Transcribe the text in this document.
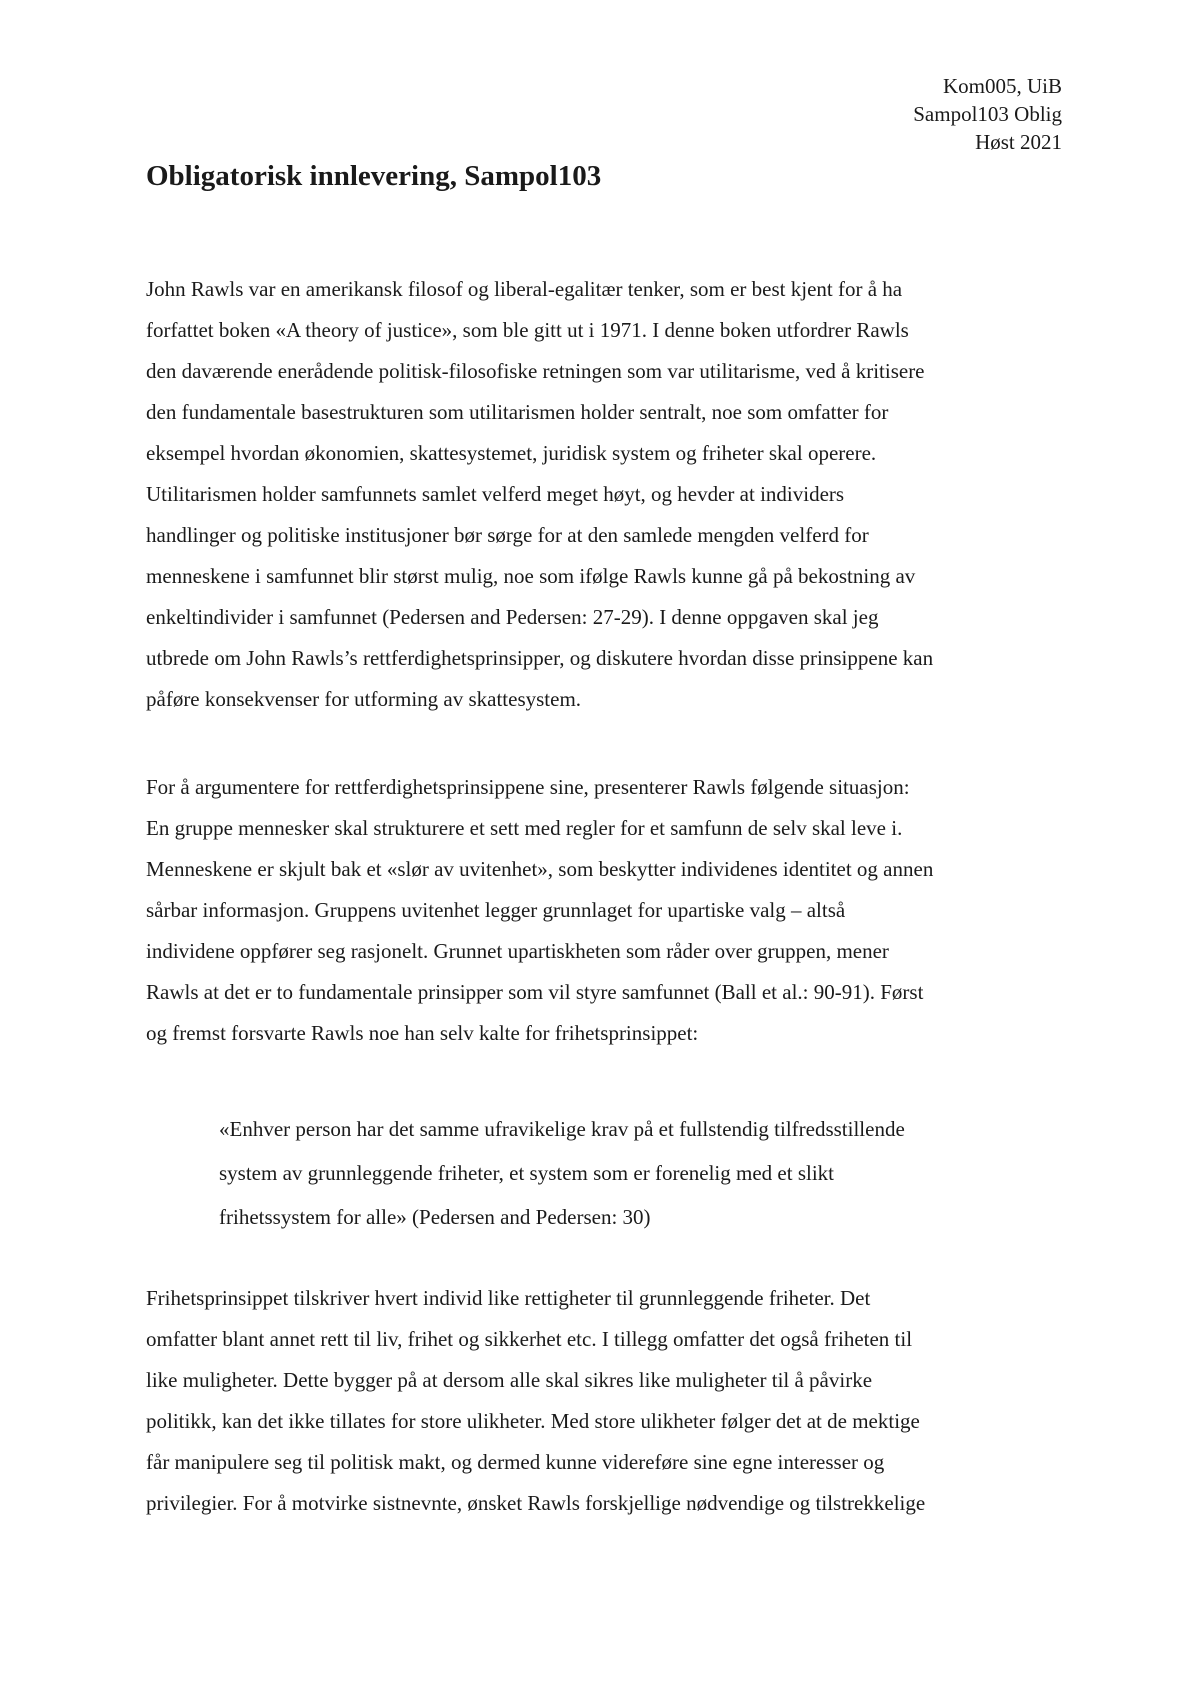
Kom005, UiB
Sampol103 Oblig
Høst 2021
Obligatorisk innlevering, Sampol103
John Rawls var en amerikansk filosof og liberal-egalitær tenker, som er best kjent for å ha
forfattet boken «A theory of justice», som ble gitt ut i 1971. I denne boken utfordrer Rawls
den daværende enerådende politisk-filosofiske retningen som var utilitarisme, ved å kritisere
den fundamentale basestrukturen som utilitarismen holder sentralt, noe som omfatter for
eksempel hvordan økonomien, skattesystemet, juridisk system og friheter skal operere.
Utilitarismen holder samfunnets samlet velferd meget høyt, og hevder at individers
handlinger og politiske institusjoner bør sørge for at den samlede mengden velferd for
menneskene i samfunnet blir størst mulig, noe som ifølge Rawls kunne gå på bekostning av
enkeltindivider i samfunnet (Pedersen and Pedersen: 27-29). I denne oppgaven skal jeg
utbrede om John Rawls’s rettferdighetsprinsipper, og diskutere hvordan disse prinsippene kan
påføre konsekvenser for utforming av skattesystem.
For å argumentere for rettferdighetsprinsippene sine, presenterer Rawls følgende situasjon:
En gruppe mennesker skal strukturere et sett med regler for et samfunn de selv skal leve i.
Menneskene er skjult bak et «slør av uvitenhet», som beskytter individenes identitet og annen
sårbar informasjon. Gruppens uvitenhet legger grunnlaget for upartiske valg – altså
individene oppfører seg rasjonelt. Grunnet upartiskheten som råder over gruppen, mener
Rawls at det er to fundamentale prinsipper som vil styre samfunnet (Ball et al.: 90-91). Først
og fremst forsvarte Rawls noe han selv kalte for frihetsprinsippet:
«Enhver person har det samme ufravikelige krav på et fullstendig tilfredsstillende
system av grunnleggende friheter, et system som er forenelig med et slikt
frihetssystem for alle» (Pedersen and Pedersen: 30)
Frihetsprinsippet tilskriver hvert individ like rettigheter til grunnleggende friheter. Det
omfatter blant annet rett til liv, frihet og sikkerhet etc. I tillegg omfatter det også friheten til
like muligheter. Dette bygger på at dersom alle skal sikres like muligheter til å påvirke
politikk, kan det ikke tillates for store ulikheter. Med store ulikheter følger det at de mektige
får manipulere seg til politisk makt, og dermed kunne videreføre sine egne interesser og
privilegier. For å motvirke sistnevnte, ønsket Rawls forskjellige nødvendige og tilstrekkelige
